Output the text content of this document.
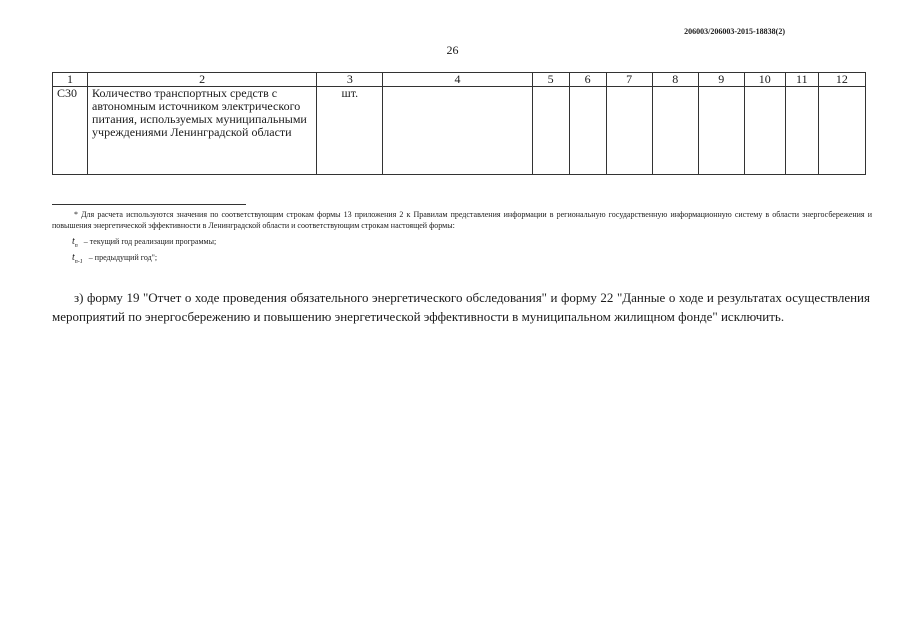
206003/206003-2015-18838(2)
26
1	2	3	4	5	6	7	8	9	10	11	12
С30	Количество транспортных средств с автономным источником электрического питания, используемых муниципальными учреждениями Ленинградской области	шт.									
* Для расчета используются значения по соответствующим строкам формы 13 приложения 2 к Правилам представления информации в региональную государственную информационную систему в области энергосбережения и повышения энергетической эффективности в Ленинградской области и соответствующим строкам настоящей формы:
$t_n$ – текущий год реализации программы;
$t_{n-1}$ – предыдущий год";
з) форму 19 "Отчет о ходе проведения обязательного энергетического обследования" и форму 22 "Данные о ходе и результатах осуществления мероприятий по энергосбережению и повышению энергетической эффективности в муниципальном жилищном фонде" исключить.
